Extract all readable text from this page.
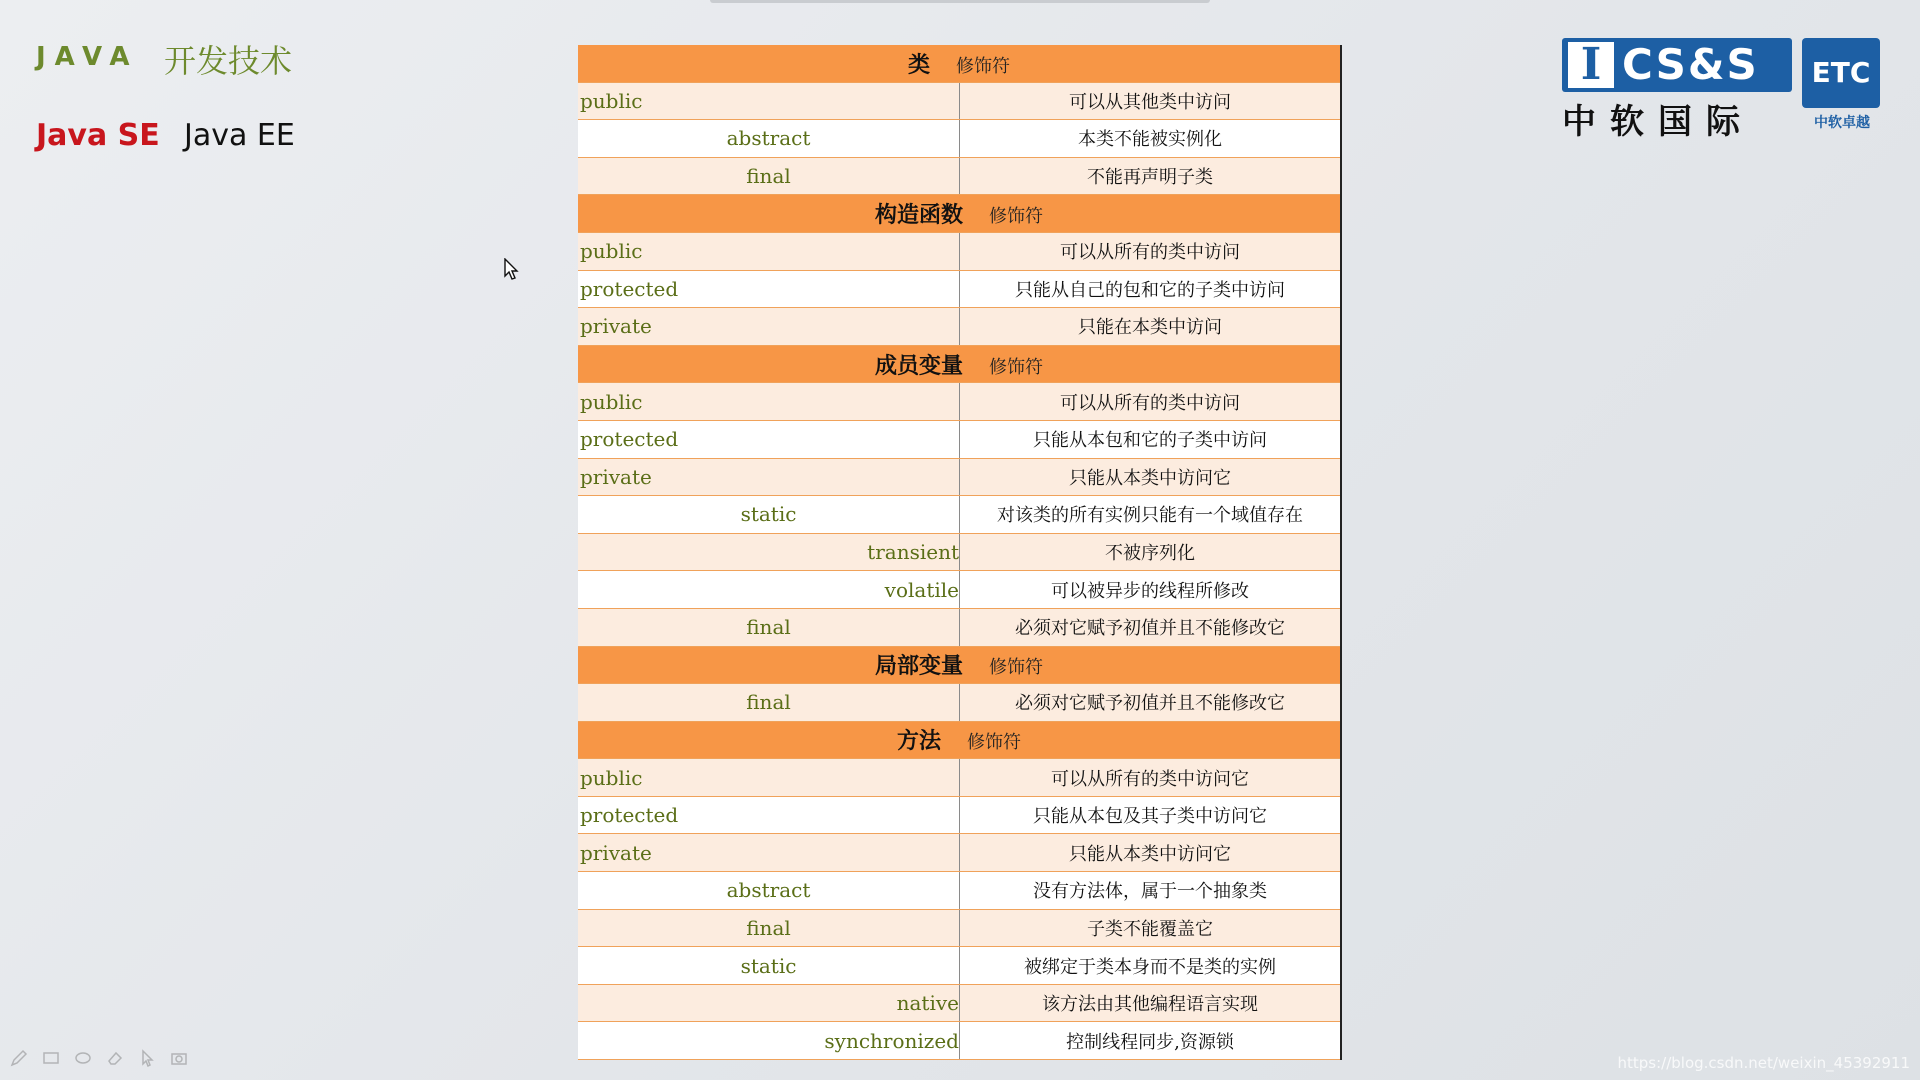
JAVA 开发技术
Java SE Java EE
类 修饰符	
public	可以从其他类中访问
abstract	本类不能被实例化
final	不能再声明子类
构造函数 修饰符	
public	可以从所有的类中访问
protected	只能从自己的包和它的子类中访问
private	只能在本类中访问
成员变量 修饰符	
public	可以从所有的类中访问
protected	只能从本包和它的子类中访问
private	只能从本类中访问它
static	对该类的所有实例只能有一个域值存在
transient	不被序列化
volatile	可以被异步的线程所修改
final	必须对它赋予初值并且不能修改它
局部变量 修饰符	
final	必须对它赋予初值并且不能修改它
方法 修饰符	
public	可以从所有的类中访问它
protected	只能从本包及其子类中访问它
private	只能从本类中访问它
abstract	没有方法体，属于一个抽象类
final	子类不能覆盖它
static	被绑定于类本身而不是类的实例
native	该方法由其他编程语言实现
synchronized	控制线程同步,资源锁
I CS&S
中软国际
ETC
中软卓越
https://blog.csdn.net/weixin_45392911
